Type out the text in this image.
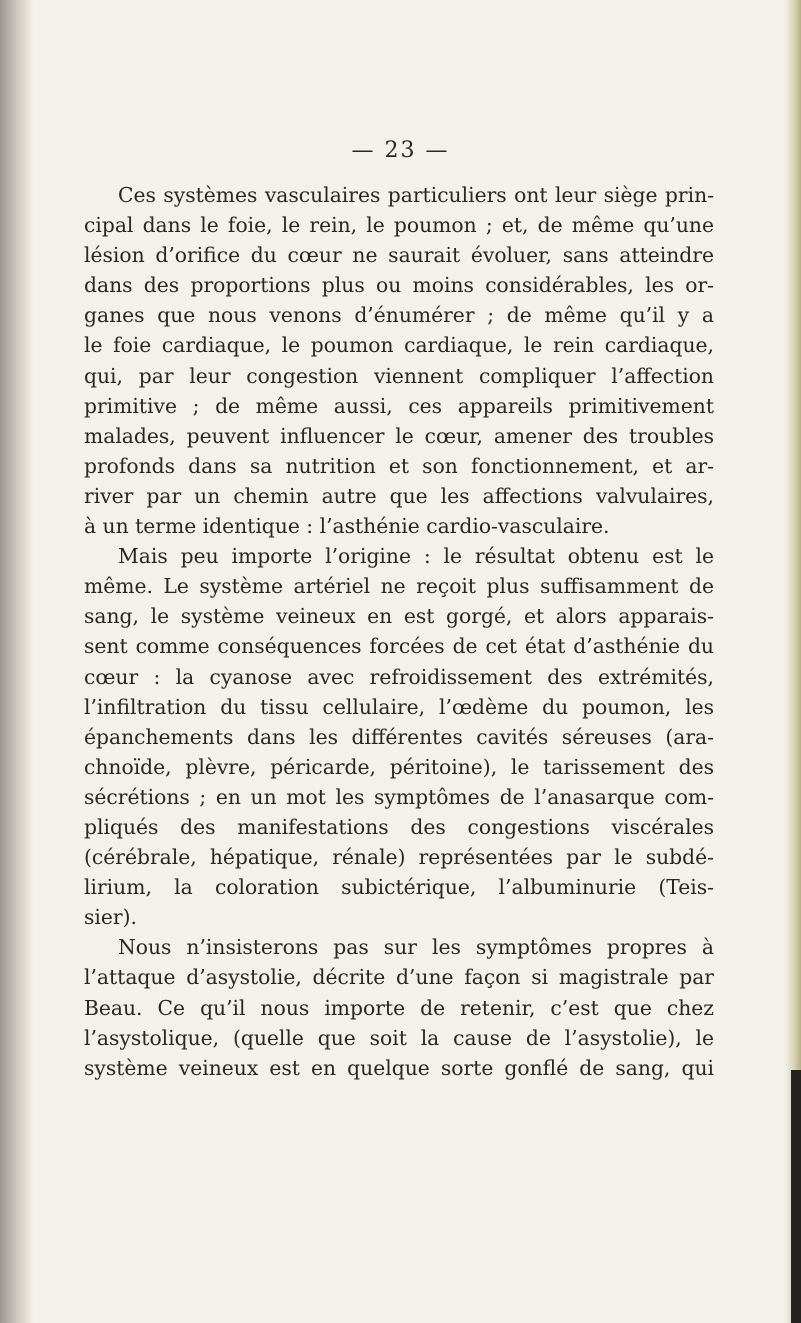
— 23 —
Ces systèmes vasculaires particuliers ont leur siège prin-
cipal dans le foie, le rein, le poumon ; et, de même qu’une
lésion d’orifice du cœur ne saurait évoluer, sans atteindre
dans des proportions plus ou moins considérables, les or-
ganes que nous venons d’énumérer ; de même qu’il y a
le foie cardiaque, le poumon cardiaque, le rein cardiaque,
qui, par leur congestion viennent compliquer l’affection
primitive ; de même aussi, ces appareils primitivement
malades, peuvent influencer le cœur, amener des troubles
profonds dans sa nutrition et son fonctionnement, et ar-
river par un chemin autre que les affections valvulaires,
à un terme identique : l’asthénie cardio-vasculaire.
Mais peu importe l’origine : le résultat obtenu est le
même. Le système artériel ne reçoit plus suffisamment de
sang, le système veineux en est gorgé, et alors apparais-
sent comme conséquences forcées de cet état d’asthénie du
cœur : la cyanose avec refroidissement des extrémités,
l’infiltration du tissu cellulaire, l’œdème du poumon, les
épanchements dans les différentes cavités séreuses (ara-
chnoïde, plèvre, péricarde, péritoine), le tarissement des
sécrétions ; en un mot les symptômes de l’anasarque com-
pliqués des manifestations des congestions viscérales
(cérébrale, hépatique, rénale) représentées par le subdé-
lirium, la coloration subictérique, l’albuminurie (Teis-
sier).
Nous n’insisterons pas sur les symptômes propres à
l’attaque d’asystolie, décrite d’une façon si magistrale par
Beau. Ce qu’il nous importe de retenir, c’est que chez
l’asystolique, (quelle que soit la cause de l’asystolie), le
système veineux est en quelque sorte gonflé de sang, qui
